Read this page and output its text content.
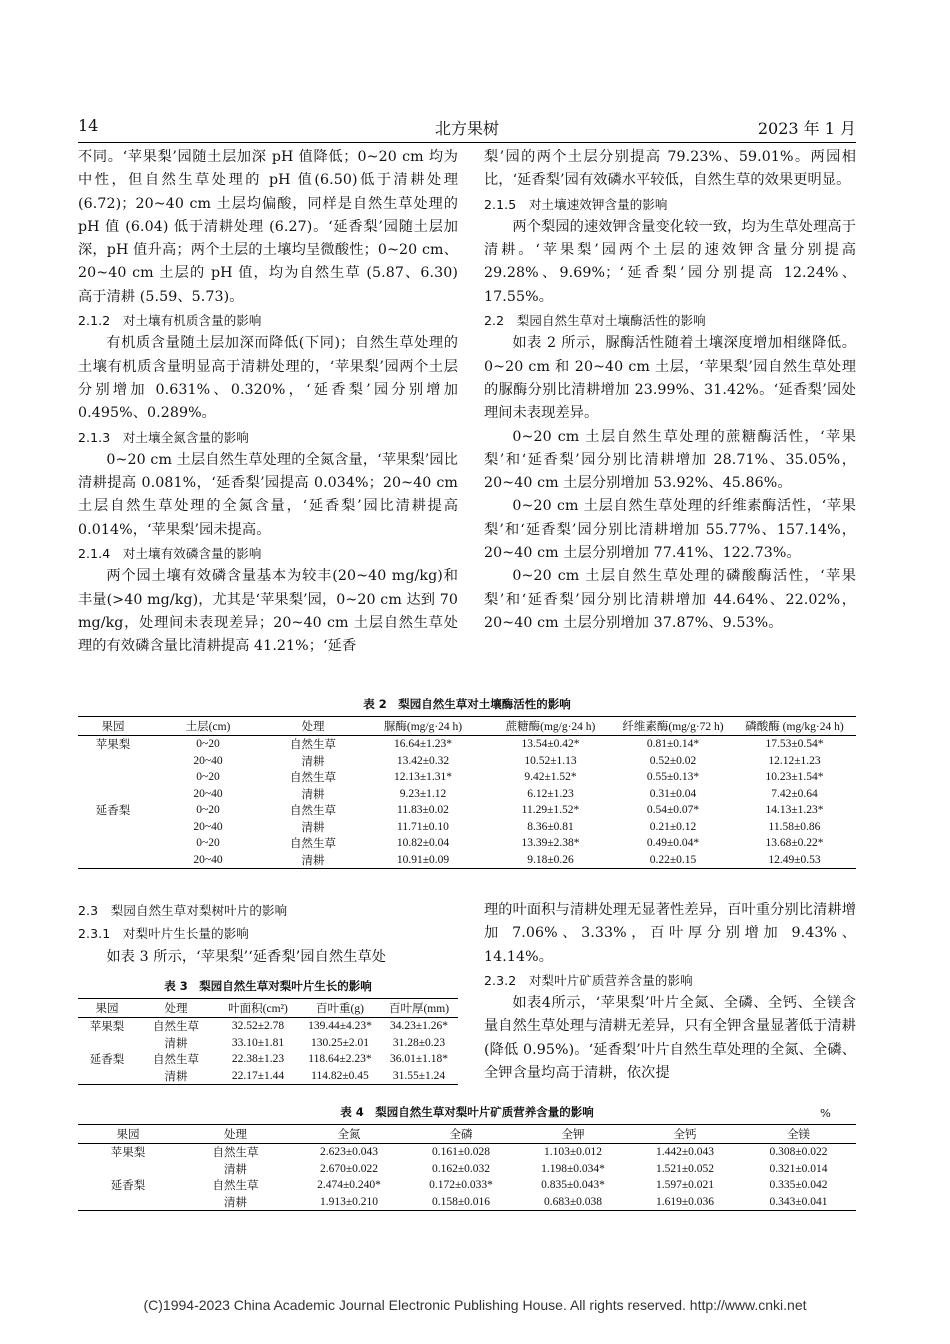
14	北方果树	2023 年 1 月

不同。‘苹果梨’园随土层加深 pH 值降低；0~20 cm 均为中性，但自然生草处理的 pH 值(6.50)低于清耕处理(6.72)；20~40 cm 土层均偏酸，同样是自然生草处理的 pH 值 (6.04) 低于清耕处理 (6.27)。‘延香梨’园随土层加深，pH 值升高；两个土层的土壤均呈微酸性；0~20 cm、20~40 cm 土层的 pH 值，均为自然生草 (5.87、6.30) 高于清耕 (5.59、5.73)。

2.1.2　对土壤有机质含量的影响

有机质含量随土层加深而降低(下同)；自然生草处理的土壤有机质含量明显高于清耕处理的，‘苹果梨’园两个土层分别增加 0.631%、0.320%，‘延香梨’园分别增加 0.495%、0.289%。

2.1.3　对土壤全氮含量的影响

0~20 cm 土层自然生草处理的全氮含量，‘苹果梨’园比清耕提高 0.081%，‘延香梨’园提高 0.034%；20~40 cm土层自然生草处理的全氮含量，‘延香梨’园比清耕提高0.014%，‘苹果梨’园未提高。

2.1.4　对土壤有效磷含量的影响

两个园土壤有效磷含量基本为较丰(20~40 mg/kg)和丰量(>40 mg/kg)，尤其是‘苹果梨’园，0~20 cm 达到 70 mg/kg，处理间未表现差异；20~40 cm 土层自然生草处理的有效磷含量比清耕提高 41.21%；‘延香

梨’园的两个土层分别提高 79.23%、59.01%。两园相比，‘延香梨’园有效磷水平较低，自然生草的效果更明显。

2.1.5　对土壤速效钾含量的影响

两个梨园的速效钾含量变化较一致，均为生草处理高于清耕。‘苹果梨’园两个土层的速效钾含量分别提高 29.28%、9.69%；‘延香梨’园分别提高 12.24%、17.55%。

2.2　梨园自然生草对土壤酶活性的影响

如表 2 所示，脲酶活性随着土壤深度增加相继降低。0~20 cm 和 20~40 cm 土层，‘苹果梨’园自然生草处理的脲酶分别比清耕增加 23.99%、31.42%。‘延香梨’园处理间未表现差异。

0~20 cm 土层自然生草处理的蔗糖酶活性，‘苹果梨’和‘延香梨’园分别比清耕增加 28.71%、35.05%，20~40 cm 土层分别增加 53.92%、45.86%。

0~20 cm 土层自然生草处理的纤维素酶活性，‘苹果梨’和‘延香梨’园分别比清耕增加 55.77%、157.14%，20~40 cm 土层分别增加 77.41%、122.73%。

0~20 cm 土层自然生草处理的磷酸酶活性，‘苹果梨’和‘延香梨’园分别比清耕增加 44.64%、22.02%，20~40 cm 土层分别增加 37.87%、9.53%。

表 2　梨园自然生草对土壤酶活性的影响
果园	土层(cm)	处理	脲酶(mg/g·24 h)	蔗糖酶(mg/g·24 h)	纤维素酶(mg/g·72 h)	磷酸酶 (mg/kg·24 h)
苹果梨	0~20	自然生草	16.64±1.23*	13.54±0.42*	0.81±0.14*	17.53±0.54*
	20~40	清耕	13.42±0.32	10.52±1.13	0.52±0.02	12.12±1.23
	0~20	自然生草	12.13±1.31*	9.42±1.52*	0.55±0.13*	10.23±1.54*
	20~40	清耕	9.23±1.12	6.12±1.23	0.31±0.04	7.42±0.64
延香梨	0~20	自然生草	11.83±0.02	11.29±1.52*	0.54±0.07*	14.13±1.23*
	20~40	清耕	11.71±0.10	8.36±0.81	0.21±0.12	11.58±0.86
	0~20	自然生草	10.82±0.04	13.39±2.38*	0.49±0.04*	13.68±0.22*
	20~40	清耕	10.91±0.09	9.18±0.26	0.22±0.15	12.49±0.53
2.3　梨园自然生草对梨树叶片的影响
2.3.1　对梨叶片生长量的影响

如表 3 所示，‘苹果梨’‘延香梨’园自然生草处

表 3　梨园自然生草对梨叶片生长的影响
果园	处理	叶面积(cm²)	百叶重(g)	百叶厚(mm)
苹果梨	自然生草	32.52±2.78	139.44±4.23*	34.23±1.26*
	清耕	33.10±1.81	130.25±2.01	31.28±0.23
延香梨	自然生草	22.38±1.23	118.64±2.23*	36.01±1.18*
	清耕	22.17±1.44	114.82±0.45	31.55±1.24

理的叶面积与清耕处理无显著性差异，百叶重分别比清耕增加 7.06%、3.33%，百叶厚分别增加 9.43%、14.14%。

2.3.2　对梨叶片矿质营养含量的影响

如表4所示，‘苹果梨’叶片全氮、全磷、全钙、全镁含量自然生草处理与清耕无差异，只有全钾含量显著低于清耕(降低 0.95%)。‘延香梨’叶片自然生草处理的全氮、全磷、全钾含量均高于清耕，依次提

表 4　梨园自然生草对梨叶片矿质营养含量的影响	%
果园	处理	全氮	全磷	全钾	全钙	全镁
苹果梨	自然生草	2.623±0.043	0.161±0.028	1.103±0.012	1.442±0.043	0.308±0.022
	清耕	2.670±0.022	0.162±0.032	1.198±0.034*	1.521±0.052	0.321±0.014
延香梨	自然生草	2.474±0.240*	0.172±0.033*	0.835±0.043*	1.597±0.021	0.335±0.042
	清耕	1.913±0.210	0.158±0.016	0.683±0.038	1.619±0.036	0.343±0.041
(C)1994-2023 China Academic Journal Electronic Publishing House. All rights reserved. http://www.cnki.net
